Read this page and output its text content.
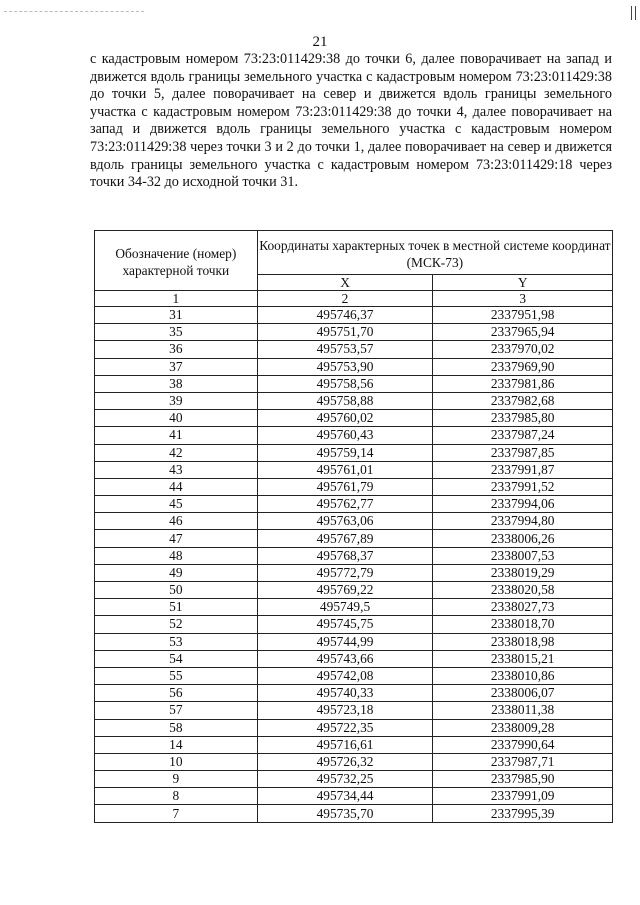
21

с кадастровым номером 73:23:011429:38 до точки 6, далее поворачивает на запад и движется вдоль границы земельного участка с кадастровым номером 73:23:011429:38 до точки 5, далее поворачивает на север и движется вдоль границы земельного участка с кадастровым номером 73:23:011429:38 до точки 4, далее поворачивает на запад и движется вдоль границы земельного участка с кадастровым номером 73:23:011429:38 через точки 3 и 2 до точки 1, далее поворачивает на север и движется вдоль границы земельного участка с кадастровым номером 73:23:011429:18 через точки 34-32 до исходной точки 31.

Обозначение (номер) характерной точки	Координаты характерных точек в местной системе координат (МСК-73)	
	X	Y
1	2	3
31	495746,37	2337951,98
35	495751,70	2337965,94
36	495753,57	2337970,02
37	495753,90	2337969,90
38	495758,56	2337981,86
39	495758,88	2337982,68
40	495760,02	2337985,80
41	495760,43	2337987,24
42	495759,14	2337987,85
43	495761,01	2337991,87
44	495761,79	2337991,52
45	495762,77	2337994,06
46	495763,06	2337994,80
47	495767,89	2338006,26
48	495768,37	2338007,53
49	495772,79	2338019,29
50	495769,22	2338020,58
51	495749,5	2338027,73
52	495745,75	2338018,70
53	495744,99	2338018,98
54	495743,66	2338015,21
55	495742,08	2338010,86
56	495740,33	2338006,07
57	495723,18	2338011,38
58	495722,35	2338009,28
14	495716,61	2337990,64
10	495726,32	2337987,71
9	495732,25	2337985,90
8	495734,44	2337991,09
7	495735,70	2337995,39
